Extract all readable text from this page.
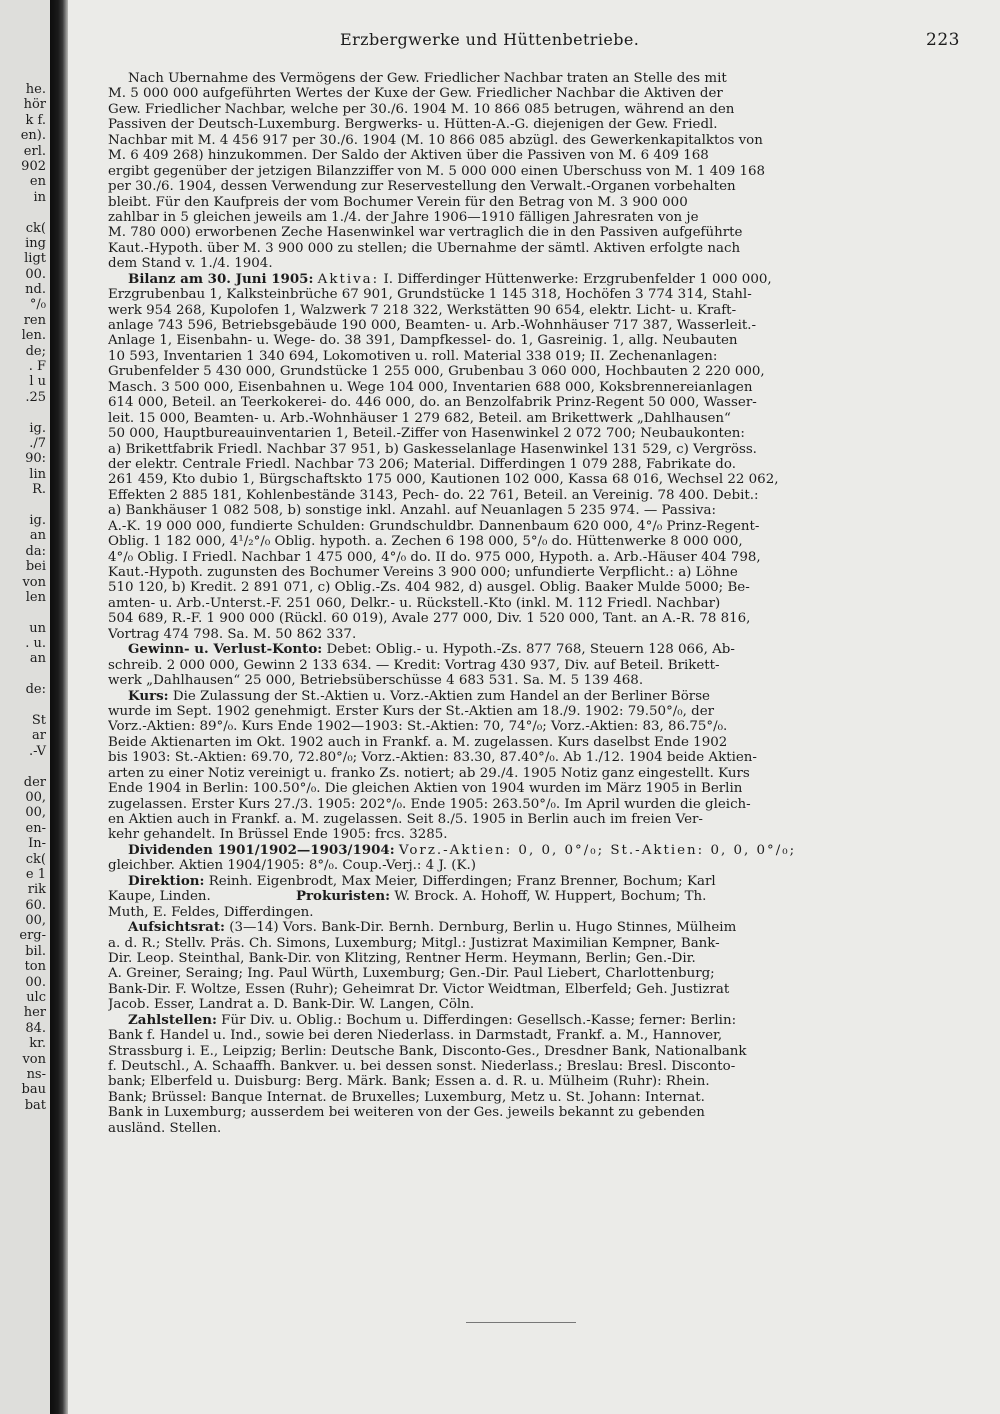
he.
hör
k f.
en).
erl.
902
en
in
ck(
ing
ligt
00.
nd.
°/₀
ren
len.
de;
. F
l u
.25
ig.
./7
90:
lin
R.
ig.
an
da:
bei
von
len
un
. u.
an
de:
St
ar
.-V
der
00,
00,
en-
In-
ck(
e 1
rik
60.
00,
erg-
bil.
ton
00.
ulc
her
84.
kr.
von
ns-
bau
bat
Erzbergwerke und Hüttenbetriebe.	223
Nach Übernahme des Vermögens der Gew. Friedlicher Nachbar traten an Stelle des mit
M. 5 000 000 aufgeführten Wertes der Kuxe der Gew. Friedlicher Nachbar die Aktiven der
Gew. Friedlicher Nachbar, welche per 30./6. 1904 M. 10 866 085 betrugen, während an den
Passiven der Deutsch-Luxemburg. Bergwerks- u. Hütten-A.-G. diejenigen der Gew. Friedl.
Nachbar mit M. 4 456 917 per 30./6. 1904 (M. 10 866 085 abzügl. des Gewerkenkapitalktos von
M. 6 409 268) hinzukommen. Der Saldo der Aktiven über die Passiven von M. 6 409 168
ergibt gegenüber der jetzigen Bilanzziffer von M. 5 000 000 einen Überschuss von M. 1 409 168
per 30./6. 1904, dessen Verwendung zur Reservestellung den Verwalt.-Organen vorbehalten
bleibt. Für den Kaufpreis der vom Bochumer Verein für den Betrag von M. 3 900 000
zahlbar in 5 gleichen jeweils am 1./4. der Jahre 1906—1910 fälligen Jahresraten von je
M. 780 000) erworbenen Zeche Hasenwinkel war vertraglich die in den Passiven aufgeführte
Kaut.-Hypoth. über M. 3 900 000 zu stellen; die Übernahme der sämtl. Aktiven erfolgte nach
dem Stand v. 1./4. 1904.
Bilanz am 30. Juni 1905: Aktiva: I. Differdinger Hüttenwerke: Erzgrubenfelder 1 000 000,
Erzgrubenbau 1, Kalksteinbrüche 67 901, Grundstücke 1 145 318, Hochöfen 3 774 314, Stahl-
werk 954 268, Kupolofen 1, Walzwerk 7 218 322, Werkstätten 90 654, elektr. Licht- u. Kraft-
anlage 743 596, Betriebsgebäude 190 000, Beamten- u. Arb.-Wohnhäuser 717 387, Wasserleit.-
Anlage 1, Eisenbahn- u. Wege- do. 38 391, Dampfkessel- do. 1, Gasreinig. 1, allg. Neubauten
10 593, Inventarien 1 340 694, Lokomotiven u. roll. Material 338 019; II. Zechenanlagen:
Grubenfelder 5 430 000, Grundstücke 1 255 000, Grubenbau 3 060 000, Hochbauten 2 220 000,
Masch. 3 500 000, Eisenbahnen u. Wege 104 000, Inventarien 688 000, Koksbrennereianlagen
614 000, Beteil. an Teerkokerei- do. 446 000, do. an Benzolfabrik Prinz-Regent 50 000, Wasser-
leit. 15 000, Beamten- u. Arb.-Wohnhäuser 1 279 682, Beteil. am Brikettwerk „Dahlhausen“
50 000, Hauptbureauinventarien 1, Beteil.-Ziffer von Hasenwinkel 2 072 700; Neubaukonten:
a) Brikettfabrik Friedl. Nachbar 37 951, b) Gaskesselanlage Hasenwinkel 131 529, c) Vergröss.
der elektr. Centrale Friedl. Nachbar 73 206; Material. Differdingen 1 079 288, Fabrikate do.
261 459, Kto dubio 1, Bürgschaftskto 175 000, Kautionen 102 000, Kassa 68 016, Wechsel 22 062,
Effekten 2 885 181, Kohlenbestände 3143, Pech- do. 22 761, Beteil. an Vereinig. 78 400. Debit.:
a) Bankhäuser 1 082 508, b) sonstige inkl. Anzahl. auf Neuanlagen 5 235 974. — Passiva:
A.-K. 19 000 000, fundierte Schulden: Grundschuldbr. Dannenbaum 620 000, 4°/₀ Prinz-Regent-
Oblig. 1 182 000, 4¹/₂°/₀ Oblig. hypoth. a. Zechen 6 198 000, 5°/₀ do. Hüttenwerke 8 000 000,
4°/₀ Oblig. I Friedl. Nachbar 1 475 000, 4°/₀ do. II do. 975 000, Hypoth. a. Arb.-Häuser 404 798,
Kaut.-Hypoth. zugunsten des Bochumer Vereins 3 900 000; unfundierte Verpflicht.: a) Löhne
510 120, b) Kredit. 2 891 071, c) Oblig.-Zs. 404 982, d) ausgel. Oblig. Baaker Mulde 5000; Be-
amten- u. Arb.-Unterst.-F. 251 060, Delkr.- u. Rückstell.-Kto (inkl. M. 112 Friedl. Nachbar)
504 689, R.-F. 1 900 000 (Rückl. 60 019), Avale 277 000, Div. 1 520 000, Tant. an A.-R. 78 816,
Vortrag 474 798. Sa. M. 50 862 337.
Gewinn- u. Verlust-Konto: Debet: Oblig.- u. Hypoth.-Zs. 877 768, Steuern 128 066, Ab-
schreib. 2 000 000, Gewinn 2 133 634. — Kredit: Vortrag 430 937, Div. auf Beteil. Brikett-
werk „Dahlhausen“ 25 000, Betriebsüberschüsse 4 683 531. Sa. M. 5 139 468.
Kurs: Die Zulassung der St.-Aktien u. Vorz.-Aktien zum Handel an der Berliner Börse
wurde im Sept. 1902 genehmigt. Erster Kurs der St.-Aktien am 18./9. 1902: 79.50°/₀, der
Vorz.-Aktien: 89°/₀. Kurs Ende 1902—1903: St.-Aktien: 70, 74°/₀; Vorz.-Aktien: 83, 86.75°/₀.
Beide Aktienarten im Okt. 1902 auch in Frankf. a. M. zugelassen. Kurs daselbst Ende 1902
bis 1903: St.-Aktien: 69.70, 72.80°/₀; Vorz.-Aktien: 83.30, 87.40°/₀. Ab 1./12. 1904 beide Aktien-
arten zu einer Notiz vereinigt u. franko Zs. notiert; ab 29./4. 1905 Notiz ganz eingestellt. Kurs
Ende 1904 in Berlin: 100.50°/₀. Die gleichen Aktien von 1904 wurden im März 1905 in Berlin
zugelassen. Erster Kurs 27./3. 1905: 202°/₀. Ende 1905: 263.50°/₀. Im April wurden die gleich-
en Aktien auch in Frankf. a. M. zugelassen. Seit 8./5. 1905 in Berlin auch im freien Ver-
kehr gehandelt. In Brüssel Ende 1905: frcs. 3285.
Dividenden 1901/1902—1903/1904: Vorz.-Aktien: 0, 0, 0°/₀; St.-Aktien: 0, 0, 0°/₀;
gleichber. Aktien 1904/1905: 8°/₀. Coup.-Verj.: 4 J. (K.)
Direktion: Reinh. Eigenbrodt, Max Meier, Differdingen; Franz Brenner, Bochum; Karl
Kaupe, Linden.	Prokuristen: W. Brock. A. Hohoff, W. Huppert, Bochum; Th.
Muth, E. Feldes, Differdingen.
Aufsichtsrat: (3—14) Vors. Bank-Dir. Bernh. Dernburg, Berlin u. Hugo Stinnes, Mülheim
a. d. R.; Stellv. Präs. Ch. Simons, Luxemburg; Mitgl.: Justizrat Maximilian Kempner, Bank-
Dir. Leop. Steinthal, Bank-Dir. von Klitzing, Rentner Herm. Heymann, Berlin; Gen.-Dir.
A. Greiner, Seraing; Ing. Paul Würth, Luxemburg; Gen.-Dir. Paul Liebert, Charlottenburg;
Bank-Dir. F. Woltze, Essen (Ruhr); Geheimrat Dr. Victor Weidtman, Elberfeld; Geh. Justizrat
Jacob. Esser, Landrat a. D. Bank-Dir. W. Langen, Cöln.
Zahlstellen: Für Div. u. Oblig.: Bochum u. Differdingen: Gesellsch.-Kasse; ferner: Berlin:
Bank f. Handel u. Ind., sowie bei deren Niederlass. in Darmstadt, Frankf. a. M., Hannover,
Strassburg i. E., Leipzig; Berlin: Deutsche Bank, Disconto-Ges., Dresdner Bank, Nationalbank
f. Deutschl., A. Schaaffh. Bankver. u. bei dessen sonst. Niederlass.; Breslau: Bresl. Disconto-
bank; Elberfeld u. Duisburg: Berg. Märk. Bank; Essen a. d. R. u. Mülheim (Ruhr): Rhein.
Bank; Brüssel: Banque Internat. de Bruxelles; Luxemburg, Metz u. St. Johann: Internat.
Bank in Luxemburg; ausserdem bei weiteren von der Ges. jeweils bekannt zu gebenden
ausländ. Stellen.
